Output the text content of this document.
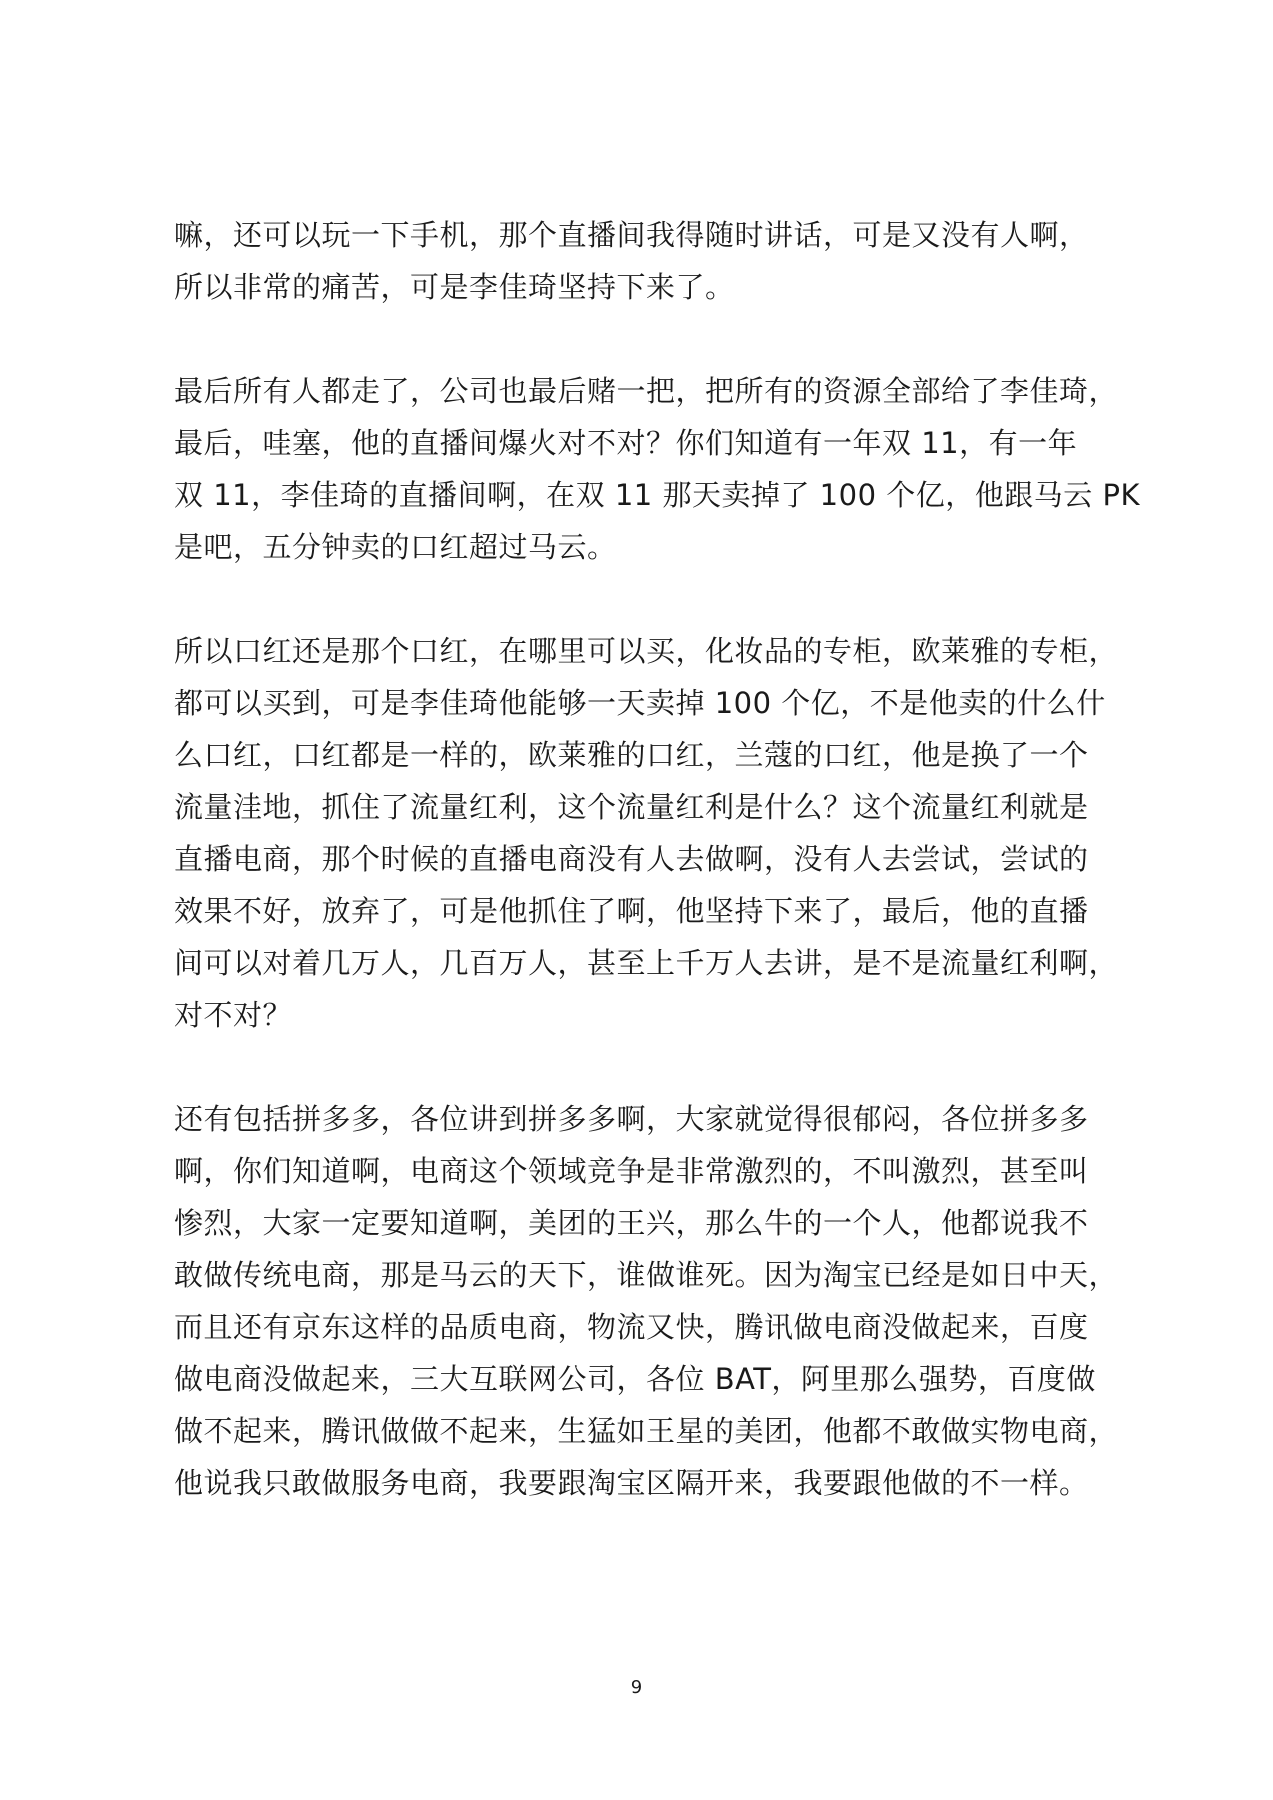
嘛，还可以玩一下手机，那个直播间我得随时讲话，可是又没有人啊，
所以非常的痛苦，可是李佳琦坚持下来了。

最后所有人都走了，公司也最后赌一把，把所有的资源全部给了李佳琦，
最后，哇塞，他的直播间爆火对不对？你们知道有一年双 11，有一年
双 11，李佳琦的直播间啊，在双 11 那天卖掉了 100 个亿，他跟马云 PK
是吧，五分钟卖的口红超过马云。

所以口红还是那个口红，在哪里可以买，化妆品的专柜，欧莱雅的专柜，
都可以买到，可是李佳琦他能够一天卖掉 100 个亿，不是他卖的什么什
么口红，口红都是一样的，欧莱雅的口红，兰蔻的口红，他是换了一个
流量洼地，抓住了流量红利，这个流量红利是什么？这个流量红利就是
直播电商，那个时候的直播电商没有人去做啊，没有人去尝试，尝试的
效果不好，放弃了，可是他抓住了啊，他坚持下来了，最后，他的直播
间可以对着几万人，几百万人，甚至上千万人去讲，是不是流量红利啊，
对不对？

还有包括拼多多，各位讲到拼多多啊，大家就觉得很郁闷，各位拼多多
啊，你们知道啊，电商这个领域竞争是非常激烈的，不叫激烈，甚至叫
惨烈，大家一定要知道啊，美团的王兴，那么牛的一个人，他都说我不
敢做传统电商，那是马云的天下，谁做谁死。因为淘宝已经是如日中天，
而且还有京东这样的品质电商，物流又快，腾讯做电商没做起来，百度
做电商没做起来，三大互联网公司，各位 BAT，阿里那么强势，百度做
做不起来，腾讯做做不起来，生猛如王星的美团，他都不敢做实物电商，
他说我只敢做服务电商，我要跟淘宝区隔开来，我要跟他做的不一样。

9
